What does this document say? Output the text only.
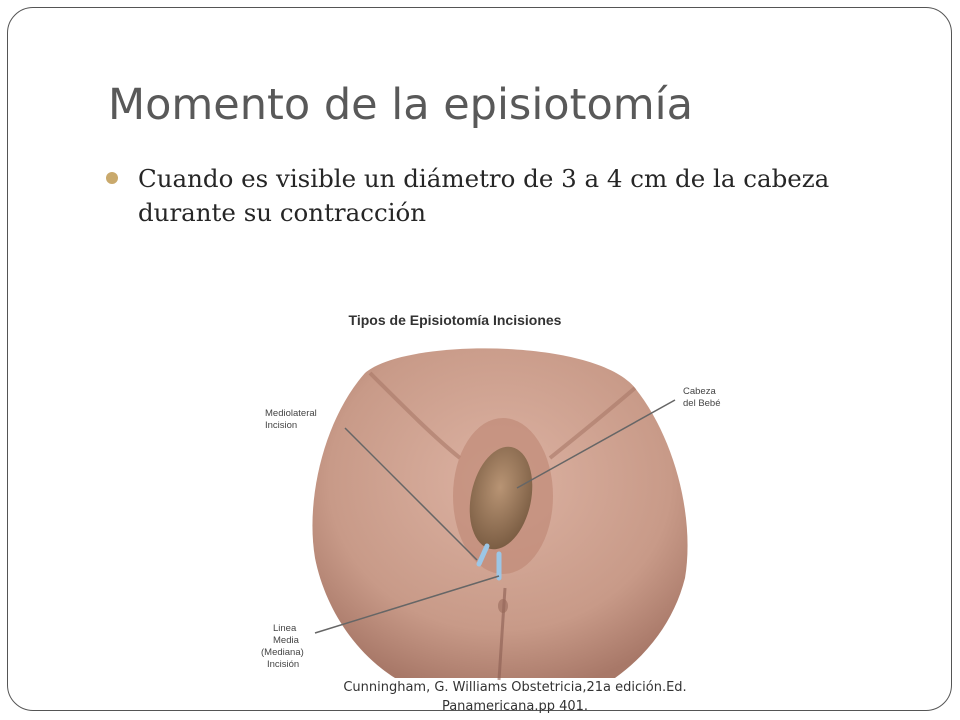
Momento de la episiotomía
Cuando es visible un diámetro de 3 a 4 cm de la cabeza durante su contracción
Tipos de Episiotomía Incisiones
Mediolateral
Incision
Cabeza
del Bebé
Linea
Media
(Mediana)
Incisión
Cunningham, G. Williams Obstetricia,21a edición.Ed. Panamericana.pp 401.
